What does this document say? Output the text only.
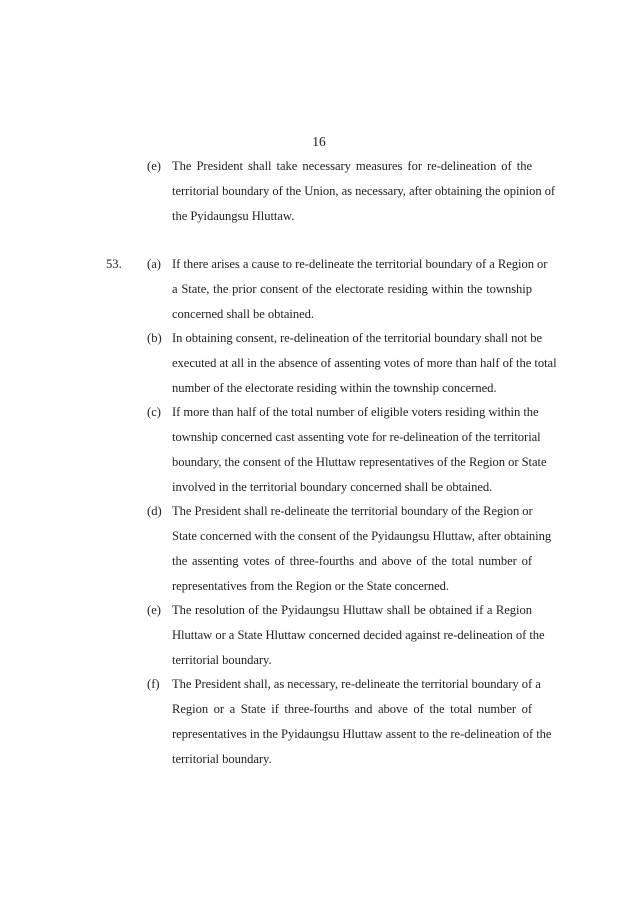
16
(e) The President shall take necessary measures for re-delineation of the
territorial boundary of the Union, as necessary, after obtaining the opinion of
the Pyidaungsu Hluttaw.
53. (a) If there arises a cause to re-delineate the territorial boundary of a Region or
a State, the prior consent of the electorate residing within the township
concerned shall be obtained.
(b) In obtaining consent, re-delineation of the territorial boundary shall not be
executed at all in the absence of assenting votes of more than half of the total
number of the electorate residing within the township concerned.
(c) If more than half of the total number of eligible voters residing within the
township concerned cast assenting vote for re-delineation of the territorial
boundary, the consent of the Hluttaw representatives of the Region or State
involved in the territorial boundary concerned shall be obtained.
(d) The President shall re-delineate the territorial boundary of the Region or
State concerned with the consent of the Pyidaungsu Hluttaw, after obtaining
the assenting votes of three-fourths and above of the total number of
representatives from the Region or the State concerned.
(e) The resolution of the Pyidaungsu Hluttaw shall be obtained if a Region
Hluttaw or a State Hluttaw concerned decided against re-delineation of the
territorial boundary.
(f) The President shall, as necessary, re-delineate the territorial boundary of a
Region or a State if three-fourths and above of the total number of
representatives in the Pyidaungsu Hluttaw assent to the re-delineation of the
territorial boundary.
